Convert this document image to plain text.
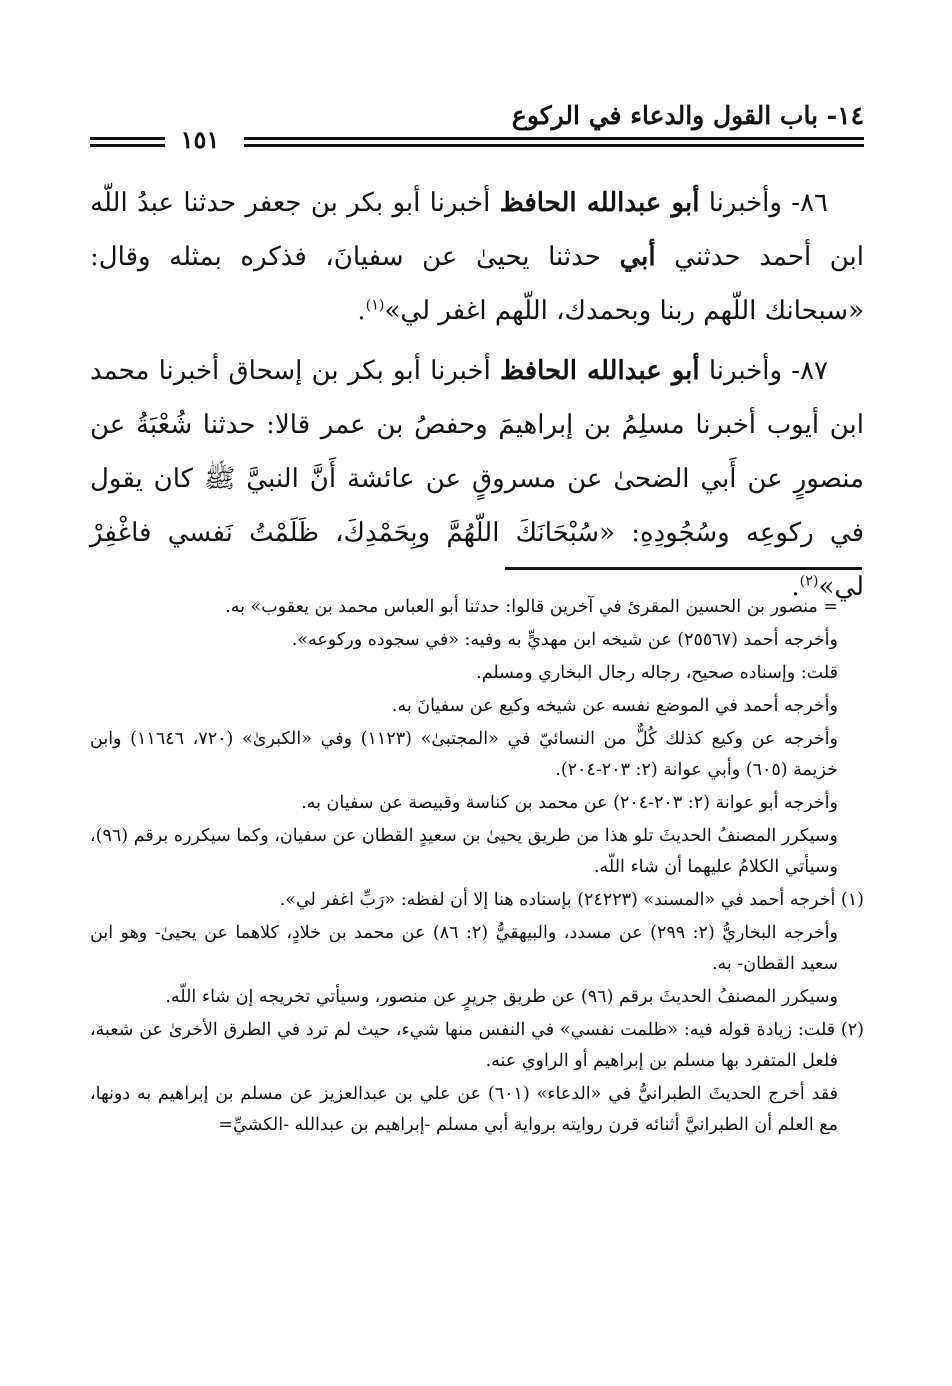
١٤- باب القول والدعاء في الركوع
١٥١

٨٦- وأخبرنا أبو عبدالله الحافظ أخبرنا أبو بكر بن جعفر حدثنا عبدُ اللّه ابن أحمد حدثني أبي حدثنا يحيىٰ عن سفيانَ، فذكره بمثله وقال: «سبحانك اللّهم ربنا وبحمدك، اللّهم اغفر لي»$^{(١)}$.

٨٧- وأخبرنا أبو عبدالله الحافظ أخبرنا أبو بكر بن إسحاق أخبرنا محمد ابن أيوب أخبرنا مسلِمُ بن إبراهيمَ وحفصُ بن عمر قالا: حدثنا شُعْبَةُ عن منصورٍ عن أَبي الضحىٰ عن مسروقٍ عن عائشة أَنَّ النبيَّ ﷺ كان يقول في ركوعِه وسُجُودِهِ: «سُبْحَانَكَ اللّهُمَّ وبِحَمْدِكَ، ظَلَمْتُ نَفسي فاغْفِرْ لي»$^{(٢)}$.

= منصور بن الحسين المقرئ في آخرين قالوا: حدثنا أبو العباس محمد بن يعقوب» به.

وأخرجه أحمد (٢٥٥٦٧) عن شيخه ابن مهديٍّ به وفيه: «في سجوده وركوعه».

قلت: وإسناده صحيح، رجاله رجال البخاري ومسلم.

وأخرجه أحمد في الموضع نفسه عن شيخه وكيع عن سفيانَ به.

وأخرجه عن وكيع كذلك كُلٌّ من النسائيّ في «المجتبىٰ» (١١٢٣) وفي «الكبرىٰ» (٧٢٠، ١١٦٤٦) وابن خزيمة (٦٠٥) وأبي عوانة (٢: ٢٠٣-٢٠٤).

وأخرجه أبو عوانة (٢: ٢٠٣-٢٠٤) عن محمد بن كناسة وقبيصة عن سفيان به.

وسيكرر المصنفُ الحديثَ تلو هذا من طريق يحيىٰ بن سعيدٍ القطان عن سفيان، وكما سيكرره برقم (٩٦)، وسيأتي الكلامُ عليهما أن شاء اللّه.

(١) أخرجه أحمد في «المسند» (٢٤٢٢٣) بإسناده هنا إلا أن لفظه: «رَبِّ اغفر لي».

وأخرجه البخاريُّ (٢: ٢٩٩) عن مسدد، والبيهقيُّ (٢: ٨٦) عن محمد بن خلادٍ، كلاهما عن يحيىٰ- وهو ابن سعيد القطان- به.

وسيكرر المصنفُ الحديثَ برقم (٩٦) عن طريق جريرٍ عن منصور، وسيأتي تخريجه إن شاء اللّه.

(٢) قلت: زيادة قوله فيه: «ظلمت نفسي» في النفس منها شيء، حيث لم ترد في الطرق الأخرىٰ عن شعبة، فلعل المتفرد بها مسلم بن إبراهيم أو الراوي عنه.

فقد أخرج الحديثَ الطبرانيُّ في «الدعاء» (٦٠١) عن علي بن عبدالعزيز عن مسلم بن إبراهيم به دونها، مع العلم أن الطبرانيَّ أثنائه قرن روايته برواية أبي مسلم -إبراهيم بن عبدالله -الكشيِّ=
